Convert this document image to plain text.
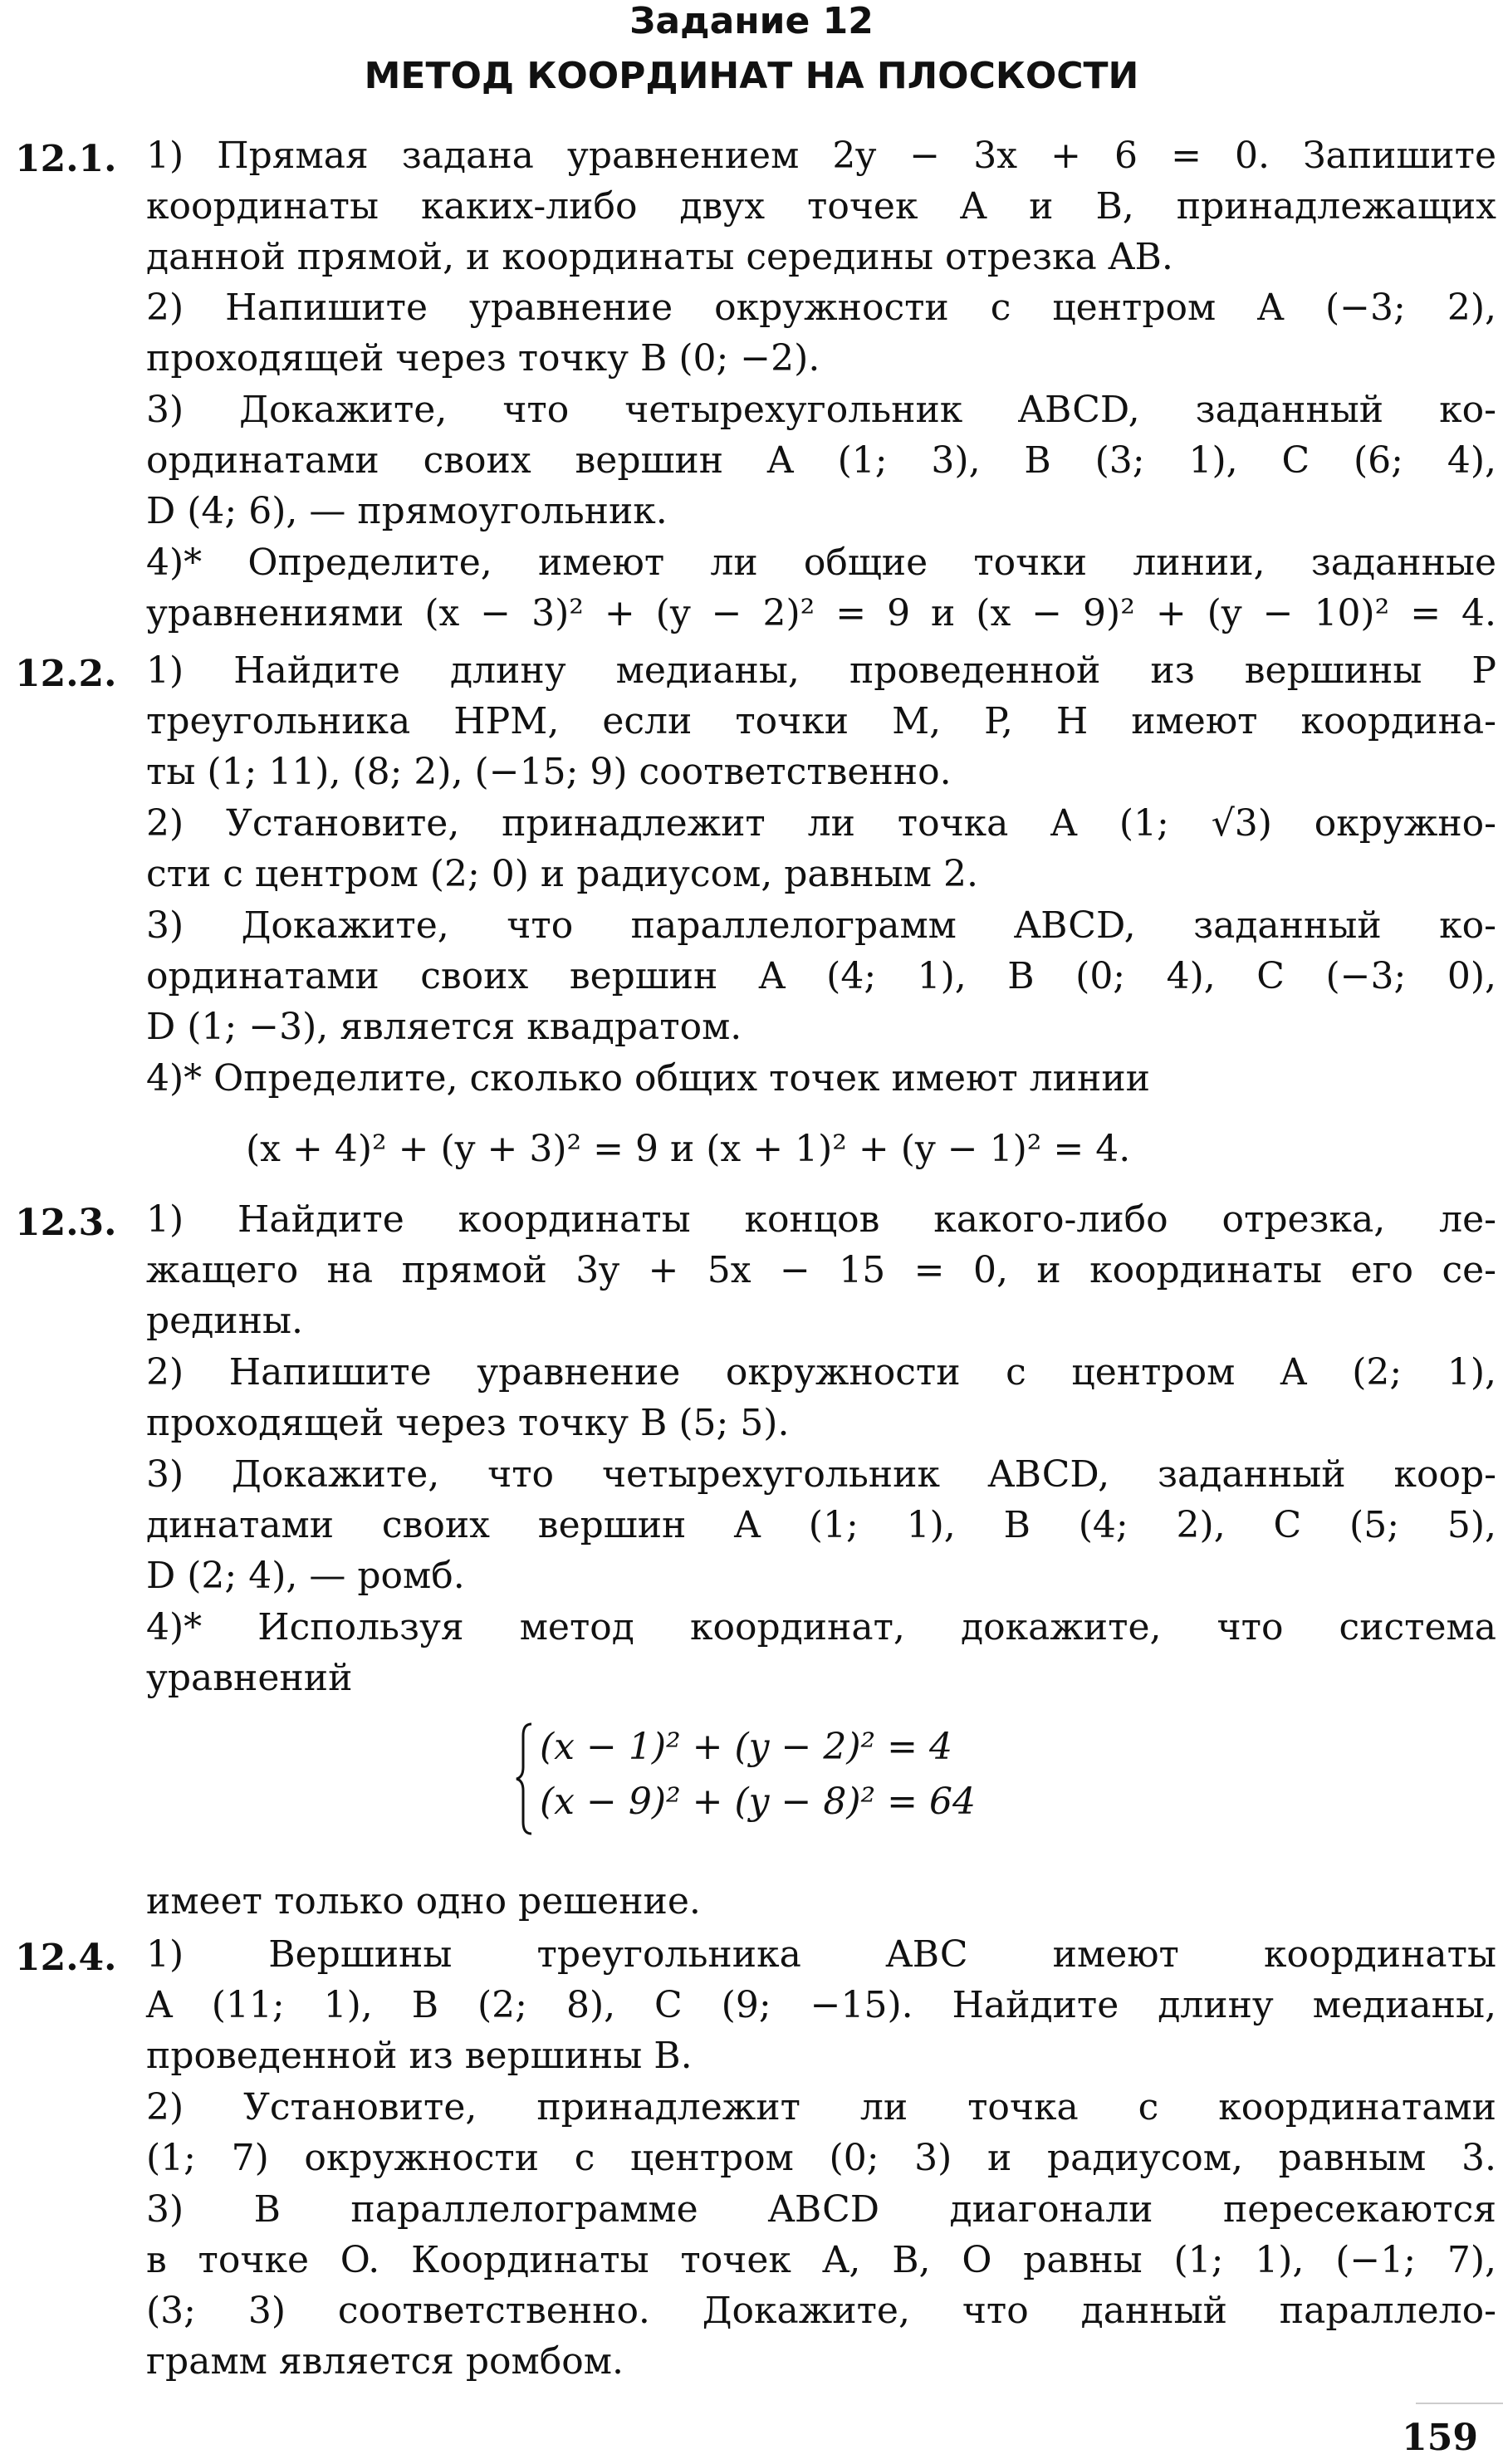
Задание 12
МЕТОД КООРДИНАТ НА ПЛОСКОСТИ
12.1.
12.2.
12.3.
12.4.
1) Прямая задана уравнением 2y − 3x + 6 = 0. Запишите
координаты каких-либо двух точек A и B, принадлежащих
данной прямой, и координаты середины отрезка AB.
2) Напишите уравнение окружности с центром A (−3; 2),
проходящей через точку B (0; −2).
3) Докажите, что четырехугольник ABCD, заданный ко-
ординатами своих вершин A (1; 3), B (3; 1), C (6; 4),
D (4; 6), — прямоугольник.
4)* Определите, имеют ли общие точки линии, заданные
уравнениями (x − 3)² + (y − 2)² = 9 и (x − 9)² + (y − 10)² = 4.
1) Найдите длину медианы, проведенной из вершины P
треугольника HPM, если точки M, P, H имеют координа-
ты (1; 11), (8; 2), (−15; 9) соответственно.
2) Установите, принадлежит ли точка A (1; √3) окружно-
сти с центром (2; 0) и радиусом, равным 2.
3) Докажите, что параллелограмм ABCD, заданный ко-
ординатами своих вершин A (4; 1), B (0; 4), C (−3; 0),
D (1; −3), является квадратом.
4)* Определите, сколько общих точек имеют линии
(x + 4)² + (y + 3)² = 9 и (x + 1)² + (y − 1)² = 4.
1) Найдите координаты концов какого-либо отрезка, ле-
жащего на прямой 3y + 5x − 15 = 0, и координаты его се-
редины.
2) Напишите уравнение окружности с центром A (2; 1),
проходящей через точку B (5; 5).
3) Докажите, что четырехугольник ABCD, заданный коор-
динатами своих вершин A (1; 1), B (4; 2), C (5; 5),
D (2; 4), — ромб.
4)* Используя метод координат, докажите, что система
уравнений
(x − 1)² + (y − 2)² = 4
(x − 9)² + (y − 8)² = 64
имеет только одно решение.
1) Вершины треугольника ABC имеют координаты
A (11; 1), B (2; 8), C (9; −15). Найдите длину медианы,
проведенной из вершины B.
2) Установите, принадлежит ли точка с координатами
(1; 7) окружности с центром (0; 3) и радиусом, равным 3.
3) В параллелограмме ABCD диагонали пересекаются
в точке O. Координаты точек A, B, O равны (1; 1), (−1; 7),
(3; 3) соответственно. Докажите, что данный параллело-
грамм является ромбом.
159
